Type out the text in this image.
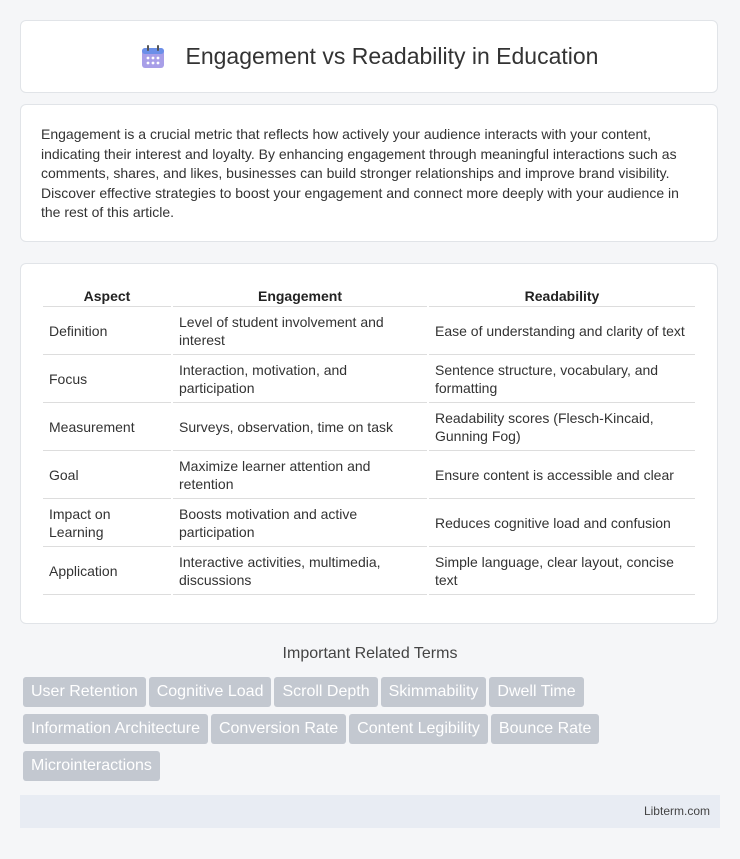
Engagement vs Readability in Education

Engagement is a crucial metric that reflects how actively your audience interacts with your content, indicating their interest and loyalty. By enhancing engagement through meaningful interactions such as comments, shares, and likes, businesses can build stronger relationships and improve brand visibility. Discover effective strategies to boost your engagement and connect more deeply with your audience in the rest of this article.

Aspect	Engagement	Readability
Definition	Level of student involvement and interest	Ease of understanding and clarity of text
Focus	Interaction, motivation, and participation	Sentence structure, vocabulary, and formatting
Measurement	Surveys, observation, time on task	Readability scores (Flesch-Kincaid, Gunning Fog)
Goal	Maximize learner attention and retention	Ensure content is accessible and clear
Impact on Learning	Boosts motivation and active participation	Reduces cognitive load and confusion
Application	Interactive activities, multimedia, discussions	Simple language, clear layout, concise text
Important Related Terms
User Retention Cognitive Load Scroll Depth Skimmability Dwell Time
Information Architecture Conversion Rate Content Legibility Bounce Rate
Microinteractions
Libterm.com
